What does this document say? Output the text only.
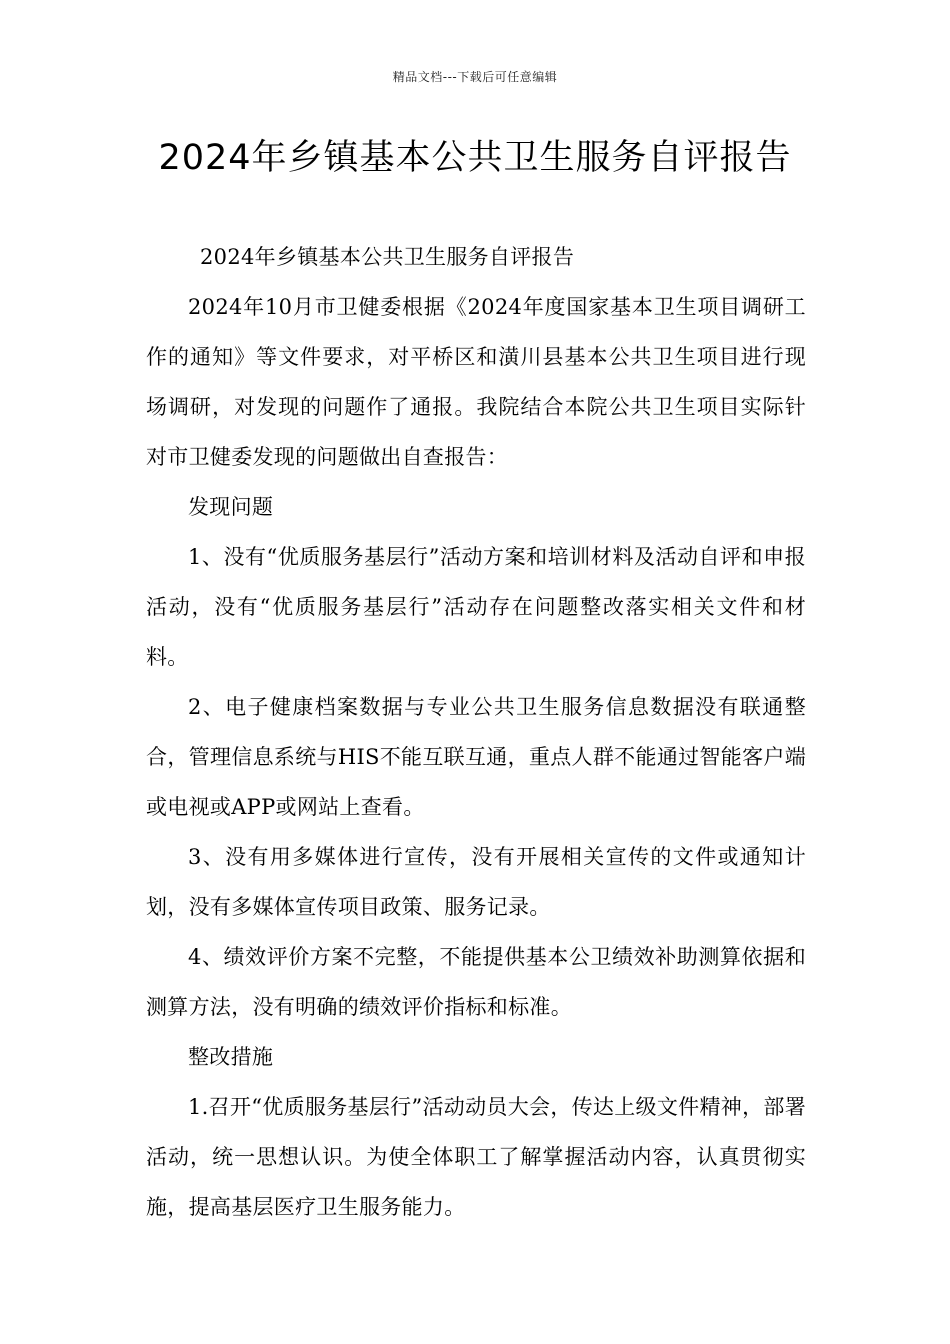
精品文档---下载后可任意编辑
2024年乡镇基本公共卫生服务自评报告

2024年乡镇基本公共卫生服务自评报告

2024年10月市卫健委根据《2024年度国家基本卫生项目调研工作的通知》等文件要求，对平桥区和潢川县基本公共卫生项目进行现场调研，对发现的问题作了通报。我院结合本院公共卫生项目实际针对市卫健委发现的问题做出自查报告：

发现问题

1、没有“优质服务基层行”活动方案和培训材料及活动自评和申报活动，没有“优质服务基层行”活动存在问题整改落实相关文件和材料。

2、电子健康档案数据与专业公共卫生服务信息数据没有联通整合，管理信息系统与HIS不能互联互通，重点人群不能通过智能客户端或电视或APP或网站上查看。

3、没有用多媒体进行宣传，没有开展相关宣传的文件或通知计划，没有多媒体宣传项目政策、服务记录。

4、绩效评价方案不完整，不能提供基本公卫绩效补助测算依据和测算方法，没有明确的绩效评价指标和标准。

整改措施

1.召开“优质服务基层行”活动动员大会，传达上级文件精神，部署活动，统一思想认识。为使全体职工了解掌握活动内容，认真贯彻实施，提高基层医疗卫生服务能力。
